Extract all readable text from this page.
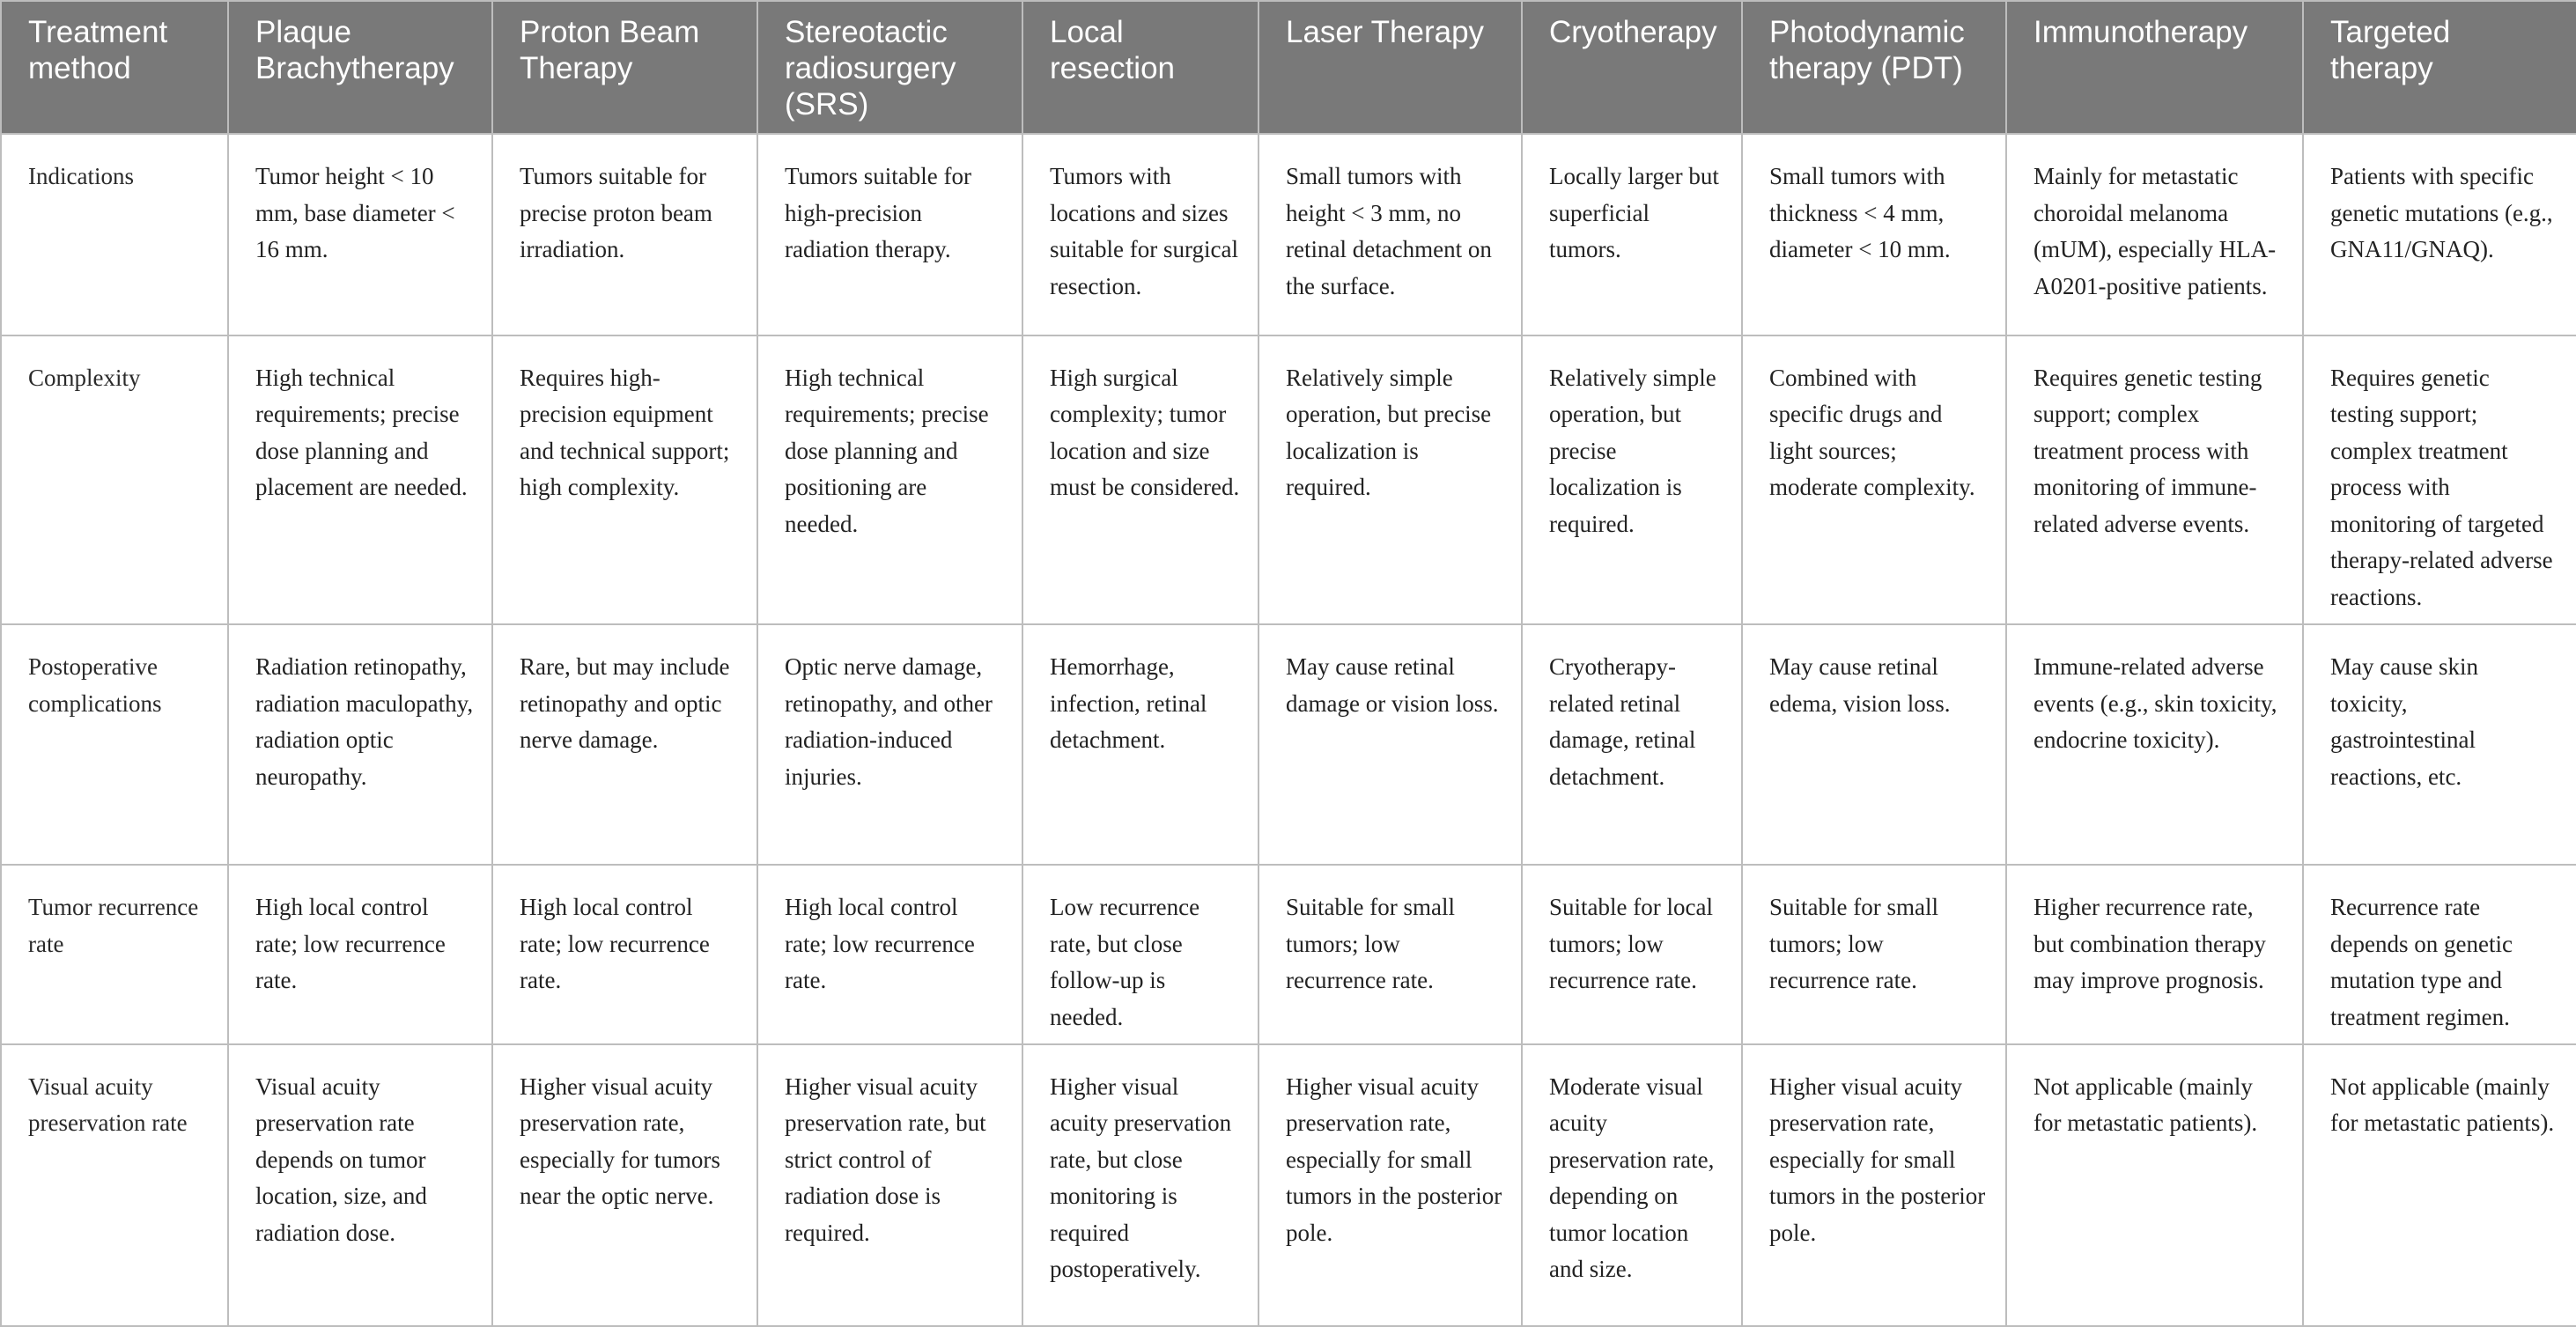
Treatment method	Plaque Brachytherapy	Proton Beam Therapy	Stereotactic radiosurgery (SRS)	Local resection	Laser Therapy	Cryotherapy	Photodynamic therapy (PDT)	Immunotherapy	Targeted therapy
Indications	Tumor height < 10 mm, base diameter < 16 mm.	Tumors suitable for precise proton beam irradiation.	Tumors suitable for high-precision radiation therapy.	Tumors with locations and sizes suitable for surgical resection.	Small tumors with height < 3 mm, no retinal detachment on the surface.	Locally larger but superficial tumors.	Small tumors with thickness < 4 mm, diameter < 10 mm.	Mainly for metastatic choroidal melanoma (mUM), especially HLA-A0201-positive patients.	Patients with specific genetic mutations (e.g., GNA11/GNAQ).
Complexity	High technical requirements; precise dose planning and placement are needed.	Requires high-precision equipment and technical support; high complexity.	High technical requirements; precise dose planning and positioning are needed.	High surgical complexity; tumor location and size must be considered.	Relatively simple operation, but precise localization is required.	Relatively simple operation, but precise localization is required.	Combined with specific drugs and light sources; moderate complexity.	Requires genetic testing support; complex treatment process with monitoring of immune-related adverse events.	Requires genetic testing support; complex treatment process with monitoring of targeted therapy-related adverse reactions.
Postoperative complications	Radiation retinopathy, radiation maculopathy, radiation optic neuropathy.	Rare, but may include retinopathy and optic nerve damage.	Optic nerve damage, retinopathy, and other radiation-induced injuries.	Hemorrhage, infection, retinal detachment.	May cause retinal damage or vision loss.	Cryotherapy-related retinal damage, retinal detachment.	May cause retinal edema, vision loss.	Immune-related adverse events (e.g., skin toxicity, endocrine toxicity).	May cause skin toxicity, gastrointestinal reactions, etc.
Tumor recurrence rate	High local control rate; low recurrence rate.	High local control rate; low recurrence rate.	High local control rate; low recurrence rate.	Low recurrence rate, but close follow-up is needed.	Suitable for small tumors; low recurrence rate.	Suitable for local tumors; low recurrence rate.	Suitable for small tumors; low recurrence rate.	Higher recurrence rate, but combination therapy may improve prognosis.	Recurrence rate depends on genetic mutation type and treatment regimen.
Visual acuity preservation rate	Visual acuity preservation rate depends on tumor location, size, and radiation dose.	Higher visual acuity preservation rate, especially for tumors near the optic nerve.	Higher visual acuity preservation rate, but strict control of radiation dose is required.	Higher visual acuity preservation rate, but close monitoring is required postoperatively.	Higher visual acuity preservation rate, especially for small tumors in the posterior pole.	Moderate visual acuity preservation rate, depending on tumor location and size.	Higher visual acuity preservation rate, especially for small tumors in the posterior pole.	Not applicable (mainly for metastatic patients).	Not applicable (mainly for metastatic patients).
